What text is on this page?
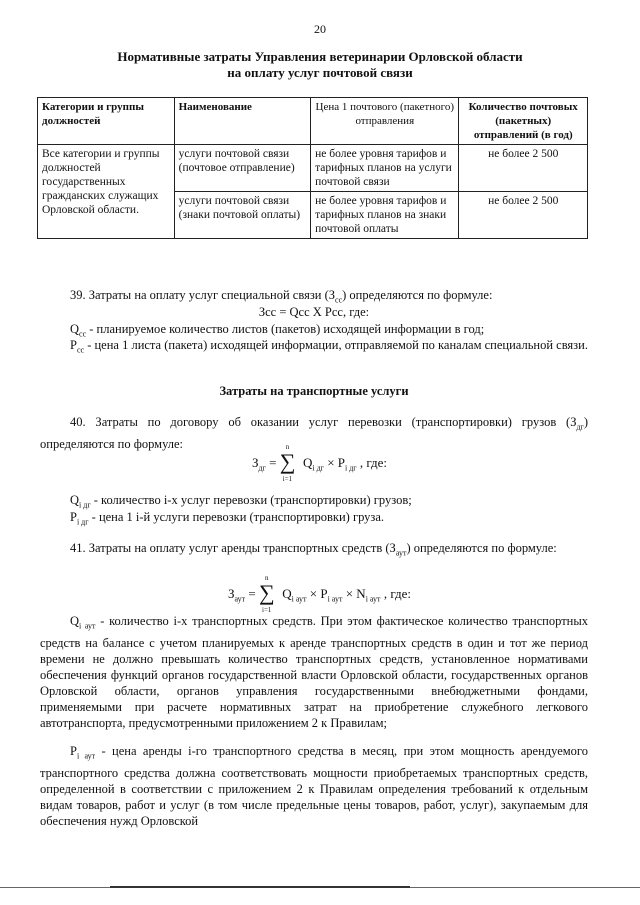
20
Нормативные затраты Управления ветеринарии Орловской области
на оплату услуг почтовой связи
Категории и группы должностей	Наименование	Цена 1 почтового (пакетного) отправления	Количество почтовых (пакетных) отправлений (в год)
Все категории и группы должностей государственных гражданских служащих Орловской области.	услуги почтовой связи (почтовое отправление)	не более уровня тарифов и тарифных планов на услуги почтовой связи	не более 2 500
	услуги почтовой связи (знаки почтовой оплаты)	не более уровня тарифов и тарифных планов на знаки почтовой оплаты	не более 2 500
39. Затраты на оплату услуг специальной связи $(З_{сс})$ определяются по формуле:
Зсс = Qсс X Pсс, где:
$Q_{сс}$ - планируемое количество листов (пакетов) исходящей информации в год;
$P_{сс}$ - цена 1 листа (пакета) исходящей информации, отправляемой по каналам специальной связи.
Затраты на транспортные услуги
40. Затраты по договору об оказании услуг перевозки (транспортировки) грузов $(З_{дг})$ определяются по формуле:
$З_{дг}$ =
n
∑
i=1
$Q_{i дг} \times P_{i дг}$ , где:
$Q_{i дг}$ - количество i-х услуг перевозки (транспортировки) грузов;
$P_{i дг}$ - цена 1 i-й услуги перевозки (транспортировки) груза.
41. Затраты на оплату услуг аренды транспортных средств $(З_{аут})$ определяются по формуле:
$З_{аут}$ =
n
∑
i=1
$Q_{i аут} \times P_{i аут} \times N_{i аут}$ , где:
$Q_{i аут}$ - количество i-х транспортных средств. При этом фактическое количество транспортных средств на балансе с учетом планируемых к аренде транспортных средств в один и тот же период времени не должно превышать количество транспортных средств, установленное нормативами обеспечения функций органов государственной власти Орловской области, государственных органов Орловской области, органов управления государственными внебюджетными фондами, применяемыми при расчете нормативных затрат на приобретение служебного легкового автотранспорта, предусмотренными приложением 2 к Правилам;
$P_{i аут}$ - цена аренды i-го транспортного средства в месяц, при этом мощность арендуемого транспортного средства должна соответствовать мощности приобретаемых транспортных средств, определенной в соответствии с приложением 2 к Правилам определения требований к отдельным видам товаров, работ и услуг (в том числе предельные цены товаров, работ, услуг), закупаемым для обеспечения нужд Орловской
